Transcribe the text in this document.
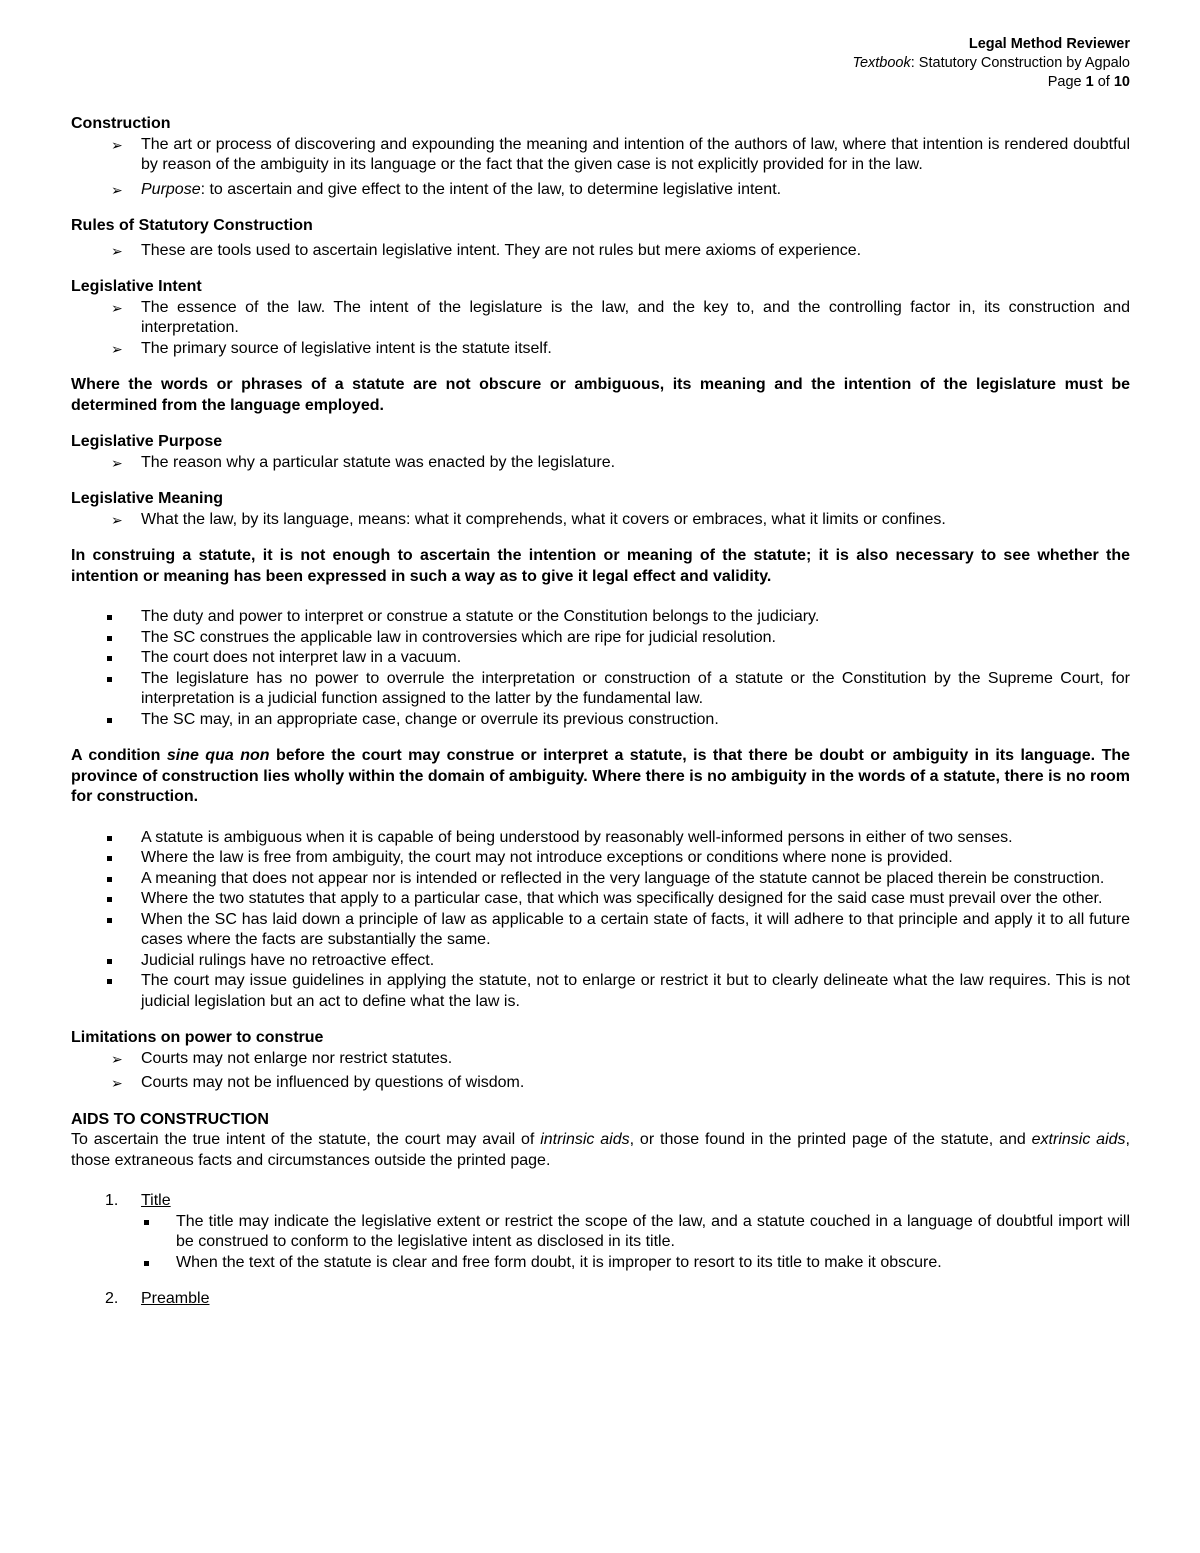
Legal Method Reviewer
Textbook: Statutory Construction by Agpalo
Page 1 of 10

Construction

➢ The art or process of discovering and expounding the meaning and intention of the authors of law, where that intention is rendered doubtful by reason of the ambiguity in its language or the fact that the given case is not explicitly provided for in the law.
➢ Purpose: to ascertain and give effect to the intent of the law, to determine legislative intent.

Rules of Statutory Construction

➢ These are tools used to ascertain legislative intent. They are not rules but mere axioms of experience.

Legislative Intent

➢ The essence of the law. The intent of the legislature is the law, and the key to, and the controlling factor in, its construction and interpretation.
➢ The primary source of legislative intent is the statute itself.

Where the words or phrases of a statute are not obscure or ambiguous, its meaning and the intention of the legislature must be determined from the language employed.

Legislative Purpose

➢ The reason why a particular statute was enacted by the legislature.

Legislative Meaning

➢ What the law, by its language, means: what it comprehends, what it covers or embraces, what it limits or confines.

In construing a statute, it is not enough to ascertain the intention or meaning of the statute; it is also necessary to see whether the intention or meaning has been expressed in such a way as to give it legal effect and validity.

The duty and power to interpret or construe a statute or the Constitution belongs to the judiciary.
The SC construes the applicable law in controversies which are ripe for judicial resolution.
The court does not interpret law in a vacuum.
The legislature has no power to overrule the interpretation or construction of a statute or the Constitution by the Supreme Court, for interpretation is a judicial function assigned to the latter by the fundamental law.
The SC may, in an appropriate case, change or overrule its previous construction.

A condition sine qua non before the court may construe or interpret a statute, is that there be doubt or ambiguity in its language. The province of construction lies wholly within the domain of ambiguity. Where there is no ambiguity in the words of a statute, there is no room for construction.

A statute is ambiguous when it is capable of being understood by reasonably well-informed persons in either of two senses.
Where the law is free from ambiguity, the court may not introduce exceptions or conditions where none is provided.
A meaning that does not appear nor is intended or reflected in the very language of the statute cannot be placed therein be construction.
Where the two statutes that apply to a particular case, that which was specifically designed for the said case must prevail over the other.
When the SC has laid down a principle of law as applicable to a certain state of facts, it will adhere to that principle and apply it to all future cases where the facts are substantially the same.
Judicial rulings have no retroactive effect.
The court may issue guidelines in applying the statute, not to enlarge or restrict it but to clearly delineate what the law requires. This is not judicial legislation but an act to define what the law is.

Limitations on power to construe

➢ Courts may not enlarge nor restrict statutes.
➢ Courts may not be influenced by questions of wisdom.

AIDS TO CONSTRUCTION

To ascertain the true intent of the statute, the court may avail of intrinsic aids, or those found in the printed page of the statute, and extrinsic aids, those extraneous facts and circumstances outside the printed page.

1. Title
The title may indicate the legislative extent or restrict the scope of the law, and a statute couched in a language of doubtful import will be construed to conform to the legislative intent as disclosed in its title.
When the text of the statute is clear and free form doubt, it is improper to resort to its title to make it obscure.
2. Preamble
